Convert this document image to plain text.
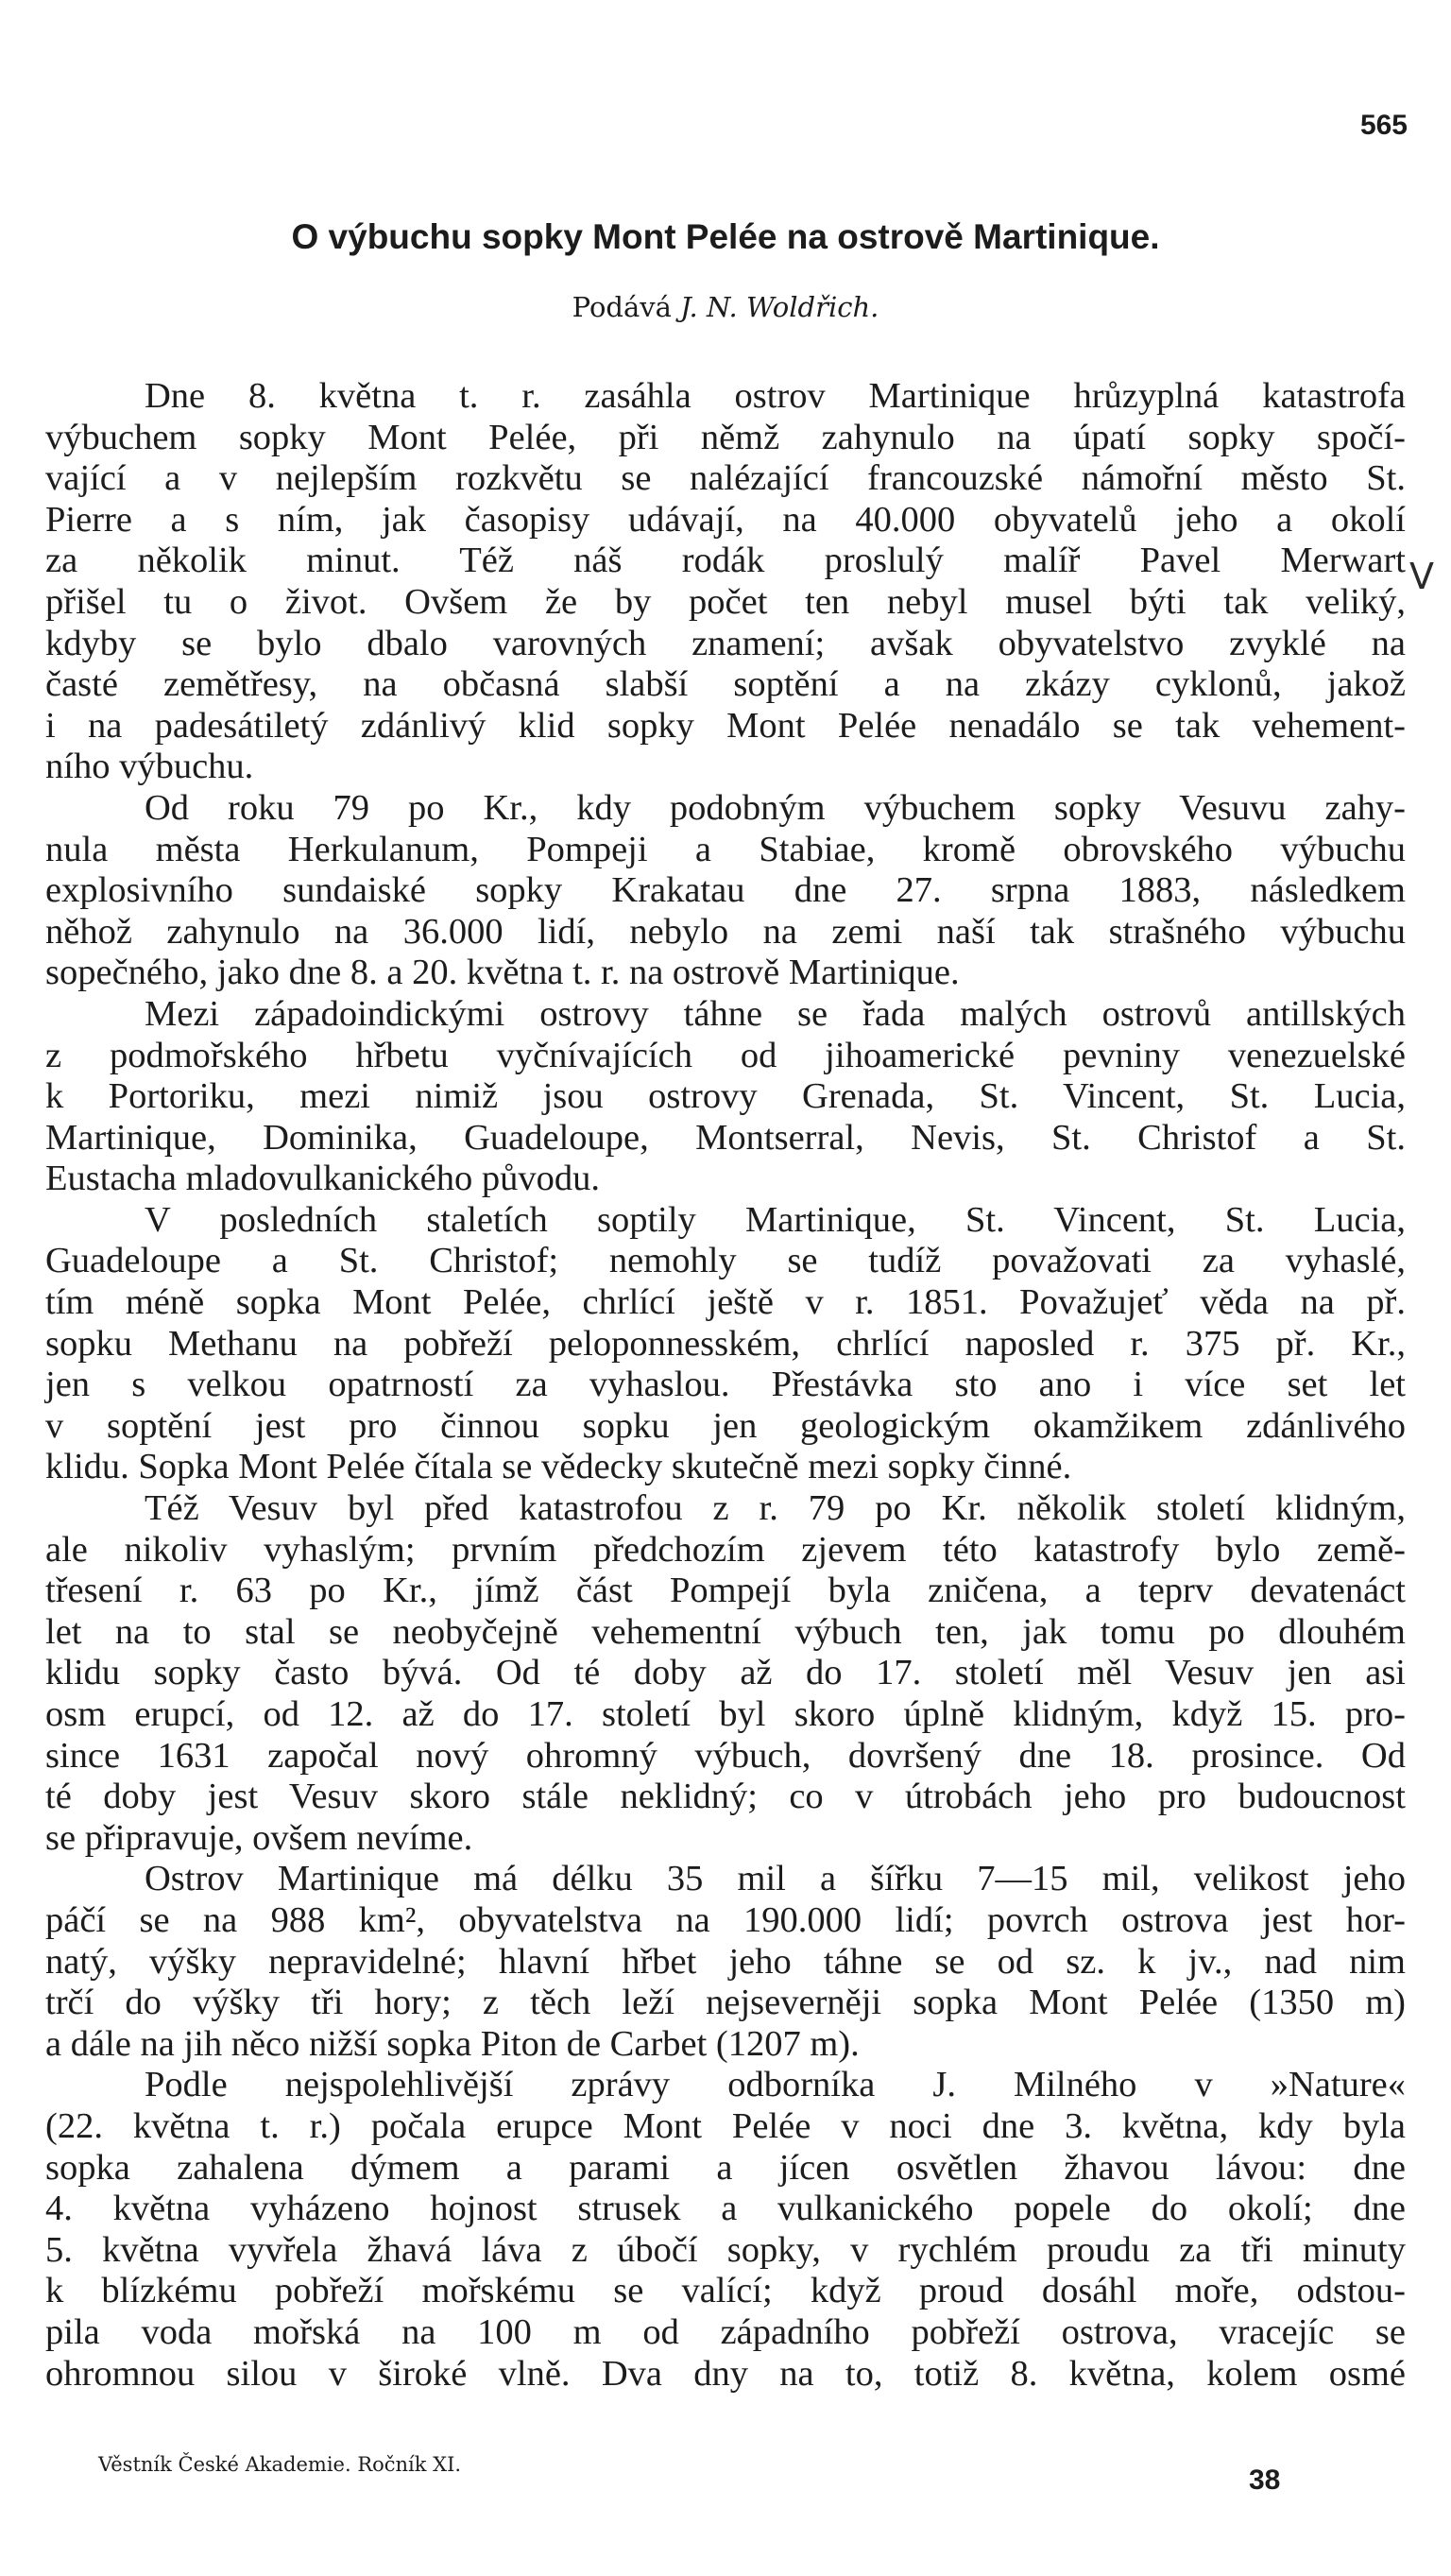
565
O výbuchu sopky Mont Pelée na ostrově Martinique.
Podává J. N. Woldřich.
V
Dne 8. května t. r. zasáhla ostrov Martinique hrůzyplná katastrofa
výbuchem sopky Mont Pelée, při němž zahynulo na úpatí sopky spočí-
vající a v nejlepším rozkvětu se nalézající francouzské námořní město St.
Pierre a s ním, jak časopisy udávají, na 40.000 obyvatelů jeho a okolí
za několik minut. Též náš rodák proslulý malíř Pavel Merwart
přišel tu o život. Ovšem že by počet ten nebyl musel býti tak veliký,
kdyby se bylo dbalo varovných znamení; avšak obyvatelstvo zvyklé na
časté zemětřesy, na občasná slabší soptění a na zkázy cyklonů, jakož
i na padesátiletý zdánlivý klid sopky Mont Pelée nenadálo se tak vehement-
ního výbuchu.
Od roku 79 po Kr., kdy podobným výbuchem sopky Vesuvu zahy-
nula města Herkulanum, Pompeji a Stabiae, kromě obrovského výbuchu
explosivního sundaiské sopky Krakatau dne 27. srpna 1883, následkem
něhož zahynulo na 36.000 lidí, nebylo na zemi naší tak strašného výbuchu
sopečného, jako dne 8. a 20. května t. r. na ostrově Martinique.
Mezi západoindickými ostrovy táhne se řada malých ostrovů antillských
z podmořského hřbetu vyčnívajících od jihoamerické pevniny venezuelské
k Portoriku, mezi nimiž jsou ostrovy Grenada, St. Vincent, St. Lucia,
Martinique, Dominika, Guadeloupe, Montserral, Nevis, St. Christof a St.
Eustacha mladovulkanického původu.
V posledních staletích soptily Martinique, St. Vincent, St. Lucia,
Guadeloupe a St. Christof; nemohly se tudíž považovati za vyhaslé,
tím méně sopka Mont Pelée, chrlící ještě v r. 1851. Považujeť věda na př.
sopku Methanu na pobřeží peloponnesském, chrlící naposled r. 375 př. Kr.,
jen s velkou opatrností za vyhaslou. Přestávka sto ano i více set let
v soptění jest pro činnou sopku jen geologickým okamžikem zdánlivého
klidu. Sopka Mont Pelée čítala se vědecky skutečně mezi sopky činné.
Též Vesuv byl před katastrofou z r. 79 po Kr. několik století klidným,
ale nikoliv vyhaslým; prvním předchozím zjevem této katastrofy bylo země-
třesení r. 63 po Kr., jímž část Pompejí byla zničena, a teprv devatenáct
let na to stal se neobyčejně vehementní výbuch ten, jak tomu po dlouhém
klidu sopky často bývá. Od té doby až do 17. století měl Vesuv jen asi
osm erupcí, od 12. až do 17. století byl skoro úplně klidným, když 15. pro-
since 1631 započal nový ohromný výbuch, dovršený dne 18. prosince. Od
té doby jest Vesuv skoro stále neklidný; co v útrobách jeho pro budoucnost
se připravuje, ovšem nevíme.
Ostrov Martinique má délku 35 mil a šířku 7—15 mil, velikost jeho
páčí se na 988 km², obyvatelstva na 190.000 lidí; povrch ostrova jest hor-
natý, výšky nepravidelné; hlavní hřbet jeho táhne se od sz. k jv., nad nim
trčí do výšky tři hory; z těch leží nejseverněji sopka Mont Pelée (1350 m)
a dále na jih něco nižší sopka Piton de Carbet (1207 m).
Podle nejspolehlivější zprávy odborníka J. Milného v »Nature«
(22. května t. r.) počala erupce Mont Pelée v noci dne 3. května, kdy byla
sopka zahalena dýmem a parami a jícen osvětlen žhavou lávou: dne
4. května vyházeno hojnost strusek a vulkanického popele do okolí; dne
5. května vyvřela žhavá láva z úbočí sopky, v rychlém proudu za tři minuty
k blízkému pobřeží mořskému se valící; když proud dosáhl moře, odstou-
pila voda mořská na 100 m od západního pobřeží ostrova, vracejíc se
ohromnou silou v široké vlně. Dva dny na to, totiž 8. května, kolem osmé
Věstník České Akademie. Ročník XI.	38
